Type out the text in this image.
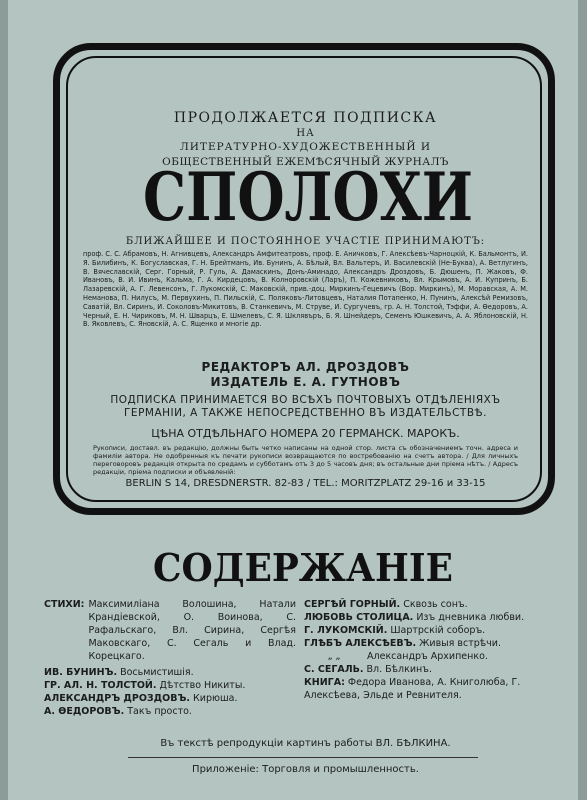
ПРОДОЛЖАЕТСЯ ПОДПИСКА
НА
ЛИТЕРАТУРНО-ХУДОЖЕСТВЕННЫЙ И
ОБЩЕСТВЕННЫЙ ЕЖЕМѢСЯЧНЫЙ ЖУРНАЛЪ
СПОЛОХИ
БЛИЖАЙШЕЕ И ПОСТОЯННОЕ УЧАСТІЕ ПРИНИМАЮТЪ:
проф. С. С. Абрамовъ, Н. Агнивцевъ, Александръ Амфитеатровъ, проф. Е. Аничковъ, Г. Алексѣевъ-Чарноцкій, К. Бальмонтъ, И. Я. Билибинъ, К. Богуславская, Г. Н. Брейтманъ, Ив. Бунинъ, А. Бѣлый, Вл. Вальтеръ, И. Василевскій (Не-Буква), А. Ветлугинъ, В. Вячеславскій, Серг. Горный, Р. Гуль, А. Дамаскинъ, Донъ-Аминадо, Александръ Дроздовъ, Б. Дюшенъ, П. Жаковъ, Ф. Ивановъ, В. И. Ивинъ, Кальма, Г. А. Кирдецовъ, В. Колноровскій (Ларъ), П. Кожевниковъ, Вл. Крымовъ, А. И. Купринъ, Б. Лазаревскій, А. Г. Левенсонъ, Г. Лукомскій, С. Маковскій, прив.-доц. Миркинъ-Гецевичъ (Вор. Миркинъ), М. Моравская, А. М. Неманова, П. Нилусъ, М. Первухинъ, П. Пильскій, С. Поляковъ-Литовцевъ, Наталия Потапенко, Н. Пунинъ, Алексѣй Ремизовъ, Саватій, Вл. Сиринъ, И. Соколовъ-Микитовъ, В. Станкевичъ, М. Струве, И. Сургучевъ, гр. А. Н. Толстой, Тэффи, А. Ѳедоровъ, А. Черный, Е. Н. Чириковъ, М. Н. Шварцъ, Е. Шмелевъ, С. Я. Шклявъръ, Б. Я. Шнейдеръ, Семенъ Юшкевичъ, А. А. Яблоновскій, Н. В. Яковлевъ, С. Яновскій, А. С. Ященко и многіе др.
РЕДАКТОРЪ АЛ. ДРОЗДОВЪ
ИЗДАТЕЛЬ Е. А. ГУТНОВЪ
ПОДПИСКА ПРИНИМАЕТСЯ ВО ВСѢХЪ ПОЧТОВЫХЪ ОТДѢЛЕНІЯХЪ
ГЕРМАНІИ, А ТАКЖЕ НЕПОСРЕДСТВЕННО ВЪ ИЗДАТЕЛЬСТВѢ.
ЦѢНА ОТДѢЛЬНАГО НОМЕРА 20 ГЕРМАНСК. МАРОКЪ.
Рукописи, доставл. въ редакцію, должны быть четко написаны на одной стор. листа съ обозначениемъ точн. адреса и фамиліи автора. Не одобренныя къ печати рукописи возвращаются по востребованію на счетъ автора. / Для личныхъ переговоровъ редакція открыта по средамъ и субботамъ отъ 3 до 5 часовъ дня; въ остальные дни пріема нѣтъ. / Адресъ редакціи, пріема подписки и объявленій:
BERLIN S 14, DRESDNERSTR. 82-83 / TEL.: MORITZPLATZ 29-16 и 33-15
СОДЕРЖАНІЕ
СТИХИ: Максимиліана Волошина, Натали Крандіевской, О. Воинова, С. Рафальскаго, Вл. Сирина, Сергѣя Маковскаго, С. Сегаль и Влад. Корецкаго.
ИВ. БУНИНЪ. Восьмистишія.
ГР. АЛ. Н. ТОЛСТОЙ. Дѣтство Никиты.
АЛЕКСАНДРЪ ДРОЗДОВЪ. Кирюша.
А. ѲЕДОРОВЪ. Такъ просто.
СЕРГѢЙ ГОРНЫЙ. Сквозь сонъ.
ЛЮБОВЬ СТОЛИЦА. Изъ дневника любви.
Г. ЛУКОМСКІЙ. Шартрскій соборъ.
ГЛѢБЪ АЛЕКСѢЕВЪ. Живыя встрѣчи.
„ „	Александръ Архипенко.
С. СЕГАЛЬ. Вл. Бѣлкинъ.
КНИГА: Федора Иванова, А. Книголюба, Г. Алексѣева, Эльде и Ревнителя.
Въ текстѣ репродукціи картинъ работы ВЛ. БѢЛКИНА.
Приложеніе: Торговля и промышленность.
